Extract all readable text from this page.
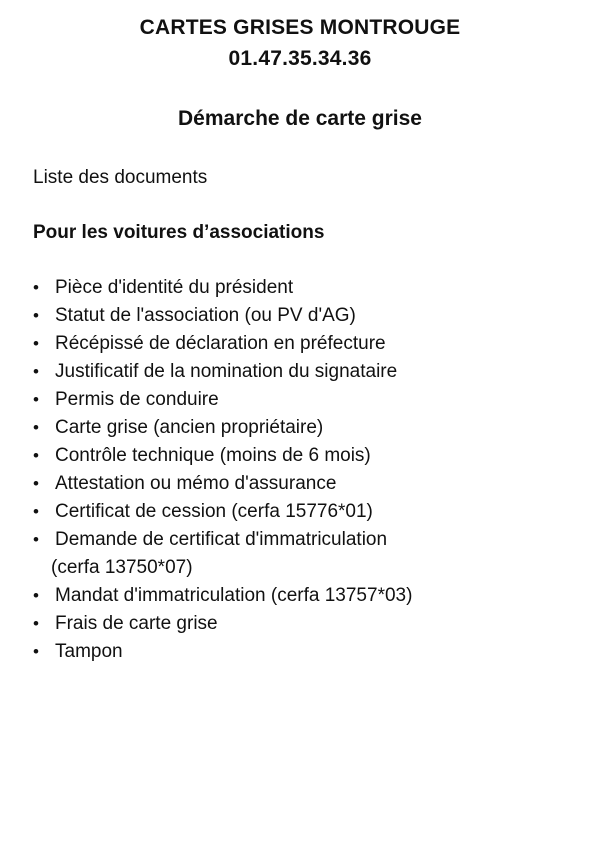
CARTES GRISES MONTROUGE
01.47.35.34.36
Démarche de carte grise
Liste des documents
Pour les voitures d’associations
• Pièce d'identité du président
• Statut de l'association (ou PV d'AG)
• Récépissé de déclaration en préfecture
• Justificatif de la nomination du signataire
• Permis de conduire
• Carte grise (ancien propriétaire)
• Contrôle technique (moins de 6 mois)
• Attestation ou mémo d'assurance
• Certificat de cession (cerfa 15776*01)
• Demande de certificat d'immatriculation
(cerfa 13750*07)
• Mandat d'immatriculation (cerfa 13757*03)
• Frais de carte grise
• Tampon
